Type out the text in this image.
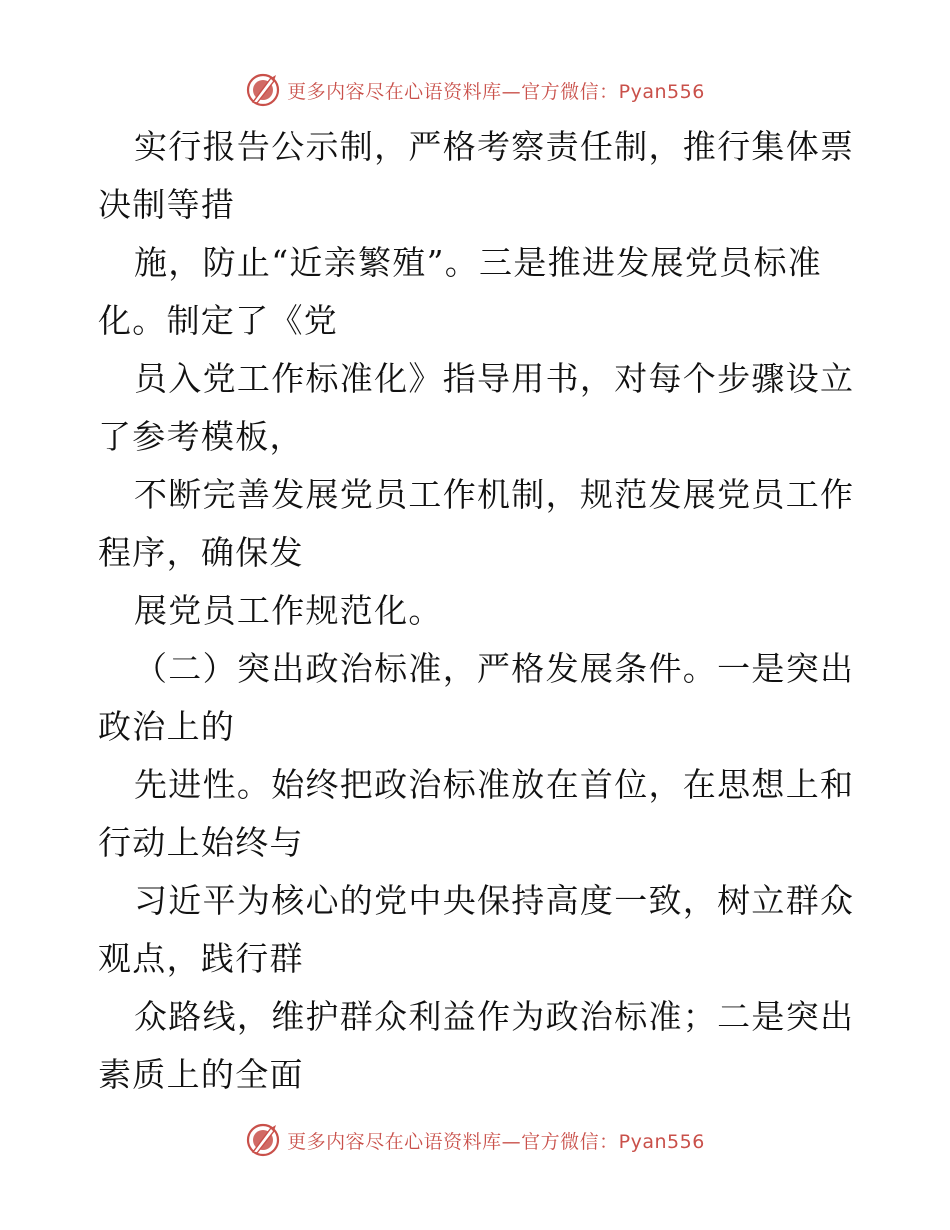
更多内容尽在心语资料库—官方微信：Pyan556
实行报告公示制，严格考察责任制，推行集体票
决制等措
施，防止“近亲繁殖”。三是推进发展党员标准
化。制定了《党
员入党工作标准化》指导用书，对每个步骤设立
了参考模板，
不断完善发展党员工作机制，规范发展党员工作
程序，确保发
展党员工作规范化。
（二）突出政治标准，严格发展条件。一是突出
政治上的
先进性。始终把政治标准放在首位，在思想上和
行动上始终与
习近平为核心的党中央保持高度一致，树立群众
观点，践行群
众路线，维护群众利益作为政治标准；二是突出
素质上的全面
更多内容尽在心语资料库—官方微信：Pyan556
